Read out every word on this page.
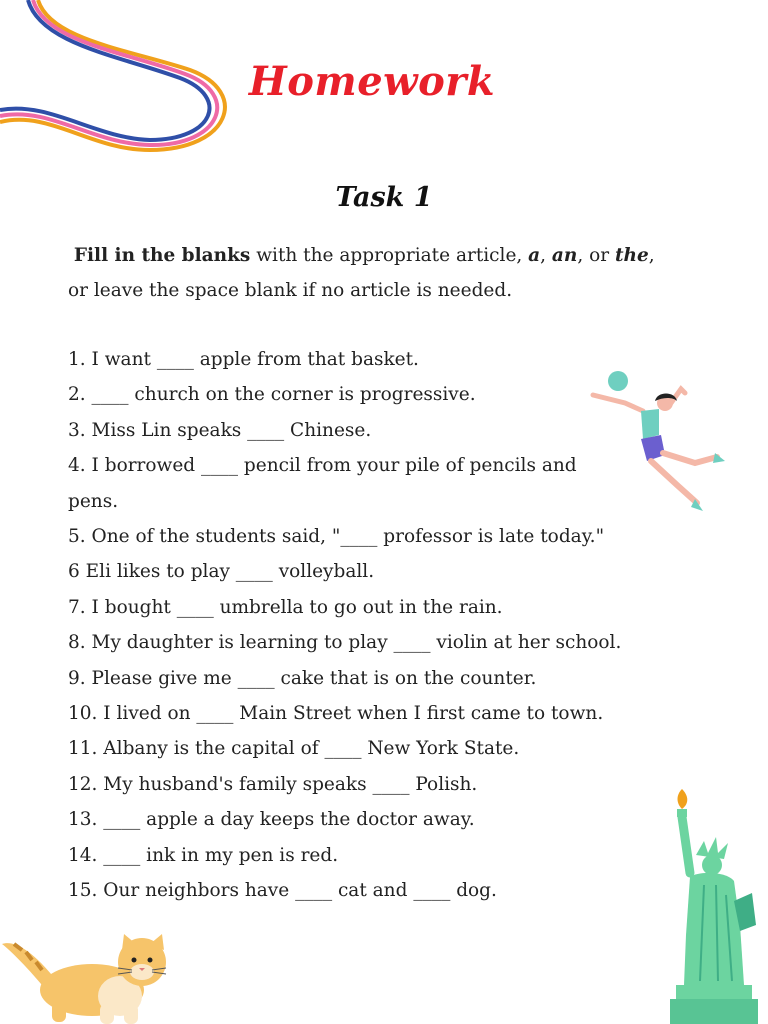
Homework
Task 1
Fill in the blanks with the appropriate article, a, an, or the,
or leave the space blank if no article is needed.
1. I want ____ apple from that basket.
2. ____ church on the corner is progressive.
3. Miss Lin speaks ____ Chinese.
4. I borrowed ____ pencil from your pile of pencils and
pens.
5. One of the students said, "____ professor is late today."
6 Eli likes to play ____ volleyball.
7. I bought ____ umbrella to go out in the rain.
8. My daughter is learning to play ____ violin at her school.
9. Please give me ____ cake that is on the counter.
10. I lived on ____ Main Street when I first came to town.
11. Albany is the capital of ____ New York State.
12. My husband's family speaks ____ Polish.
13. ____ apple a day keeps the doctor away.
14. ____ ink in my pen is red.
15. Our neighbors have ____ cat and ____ dog.
